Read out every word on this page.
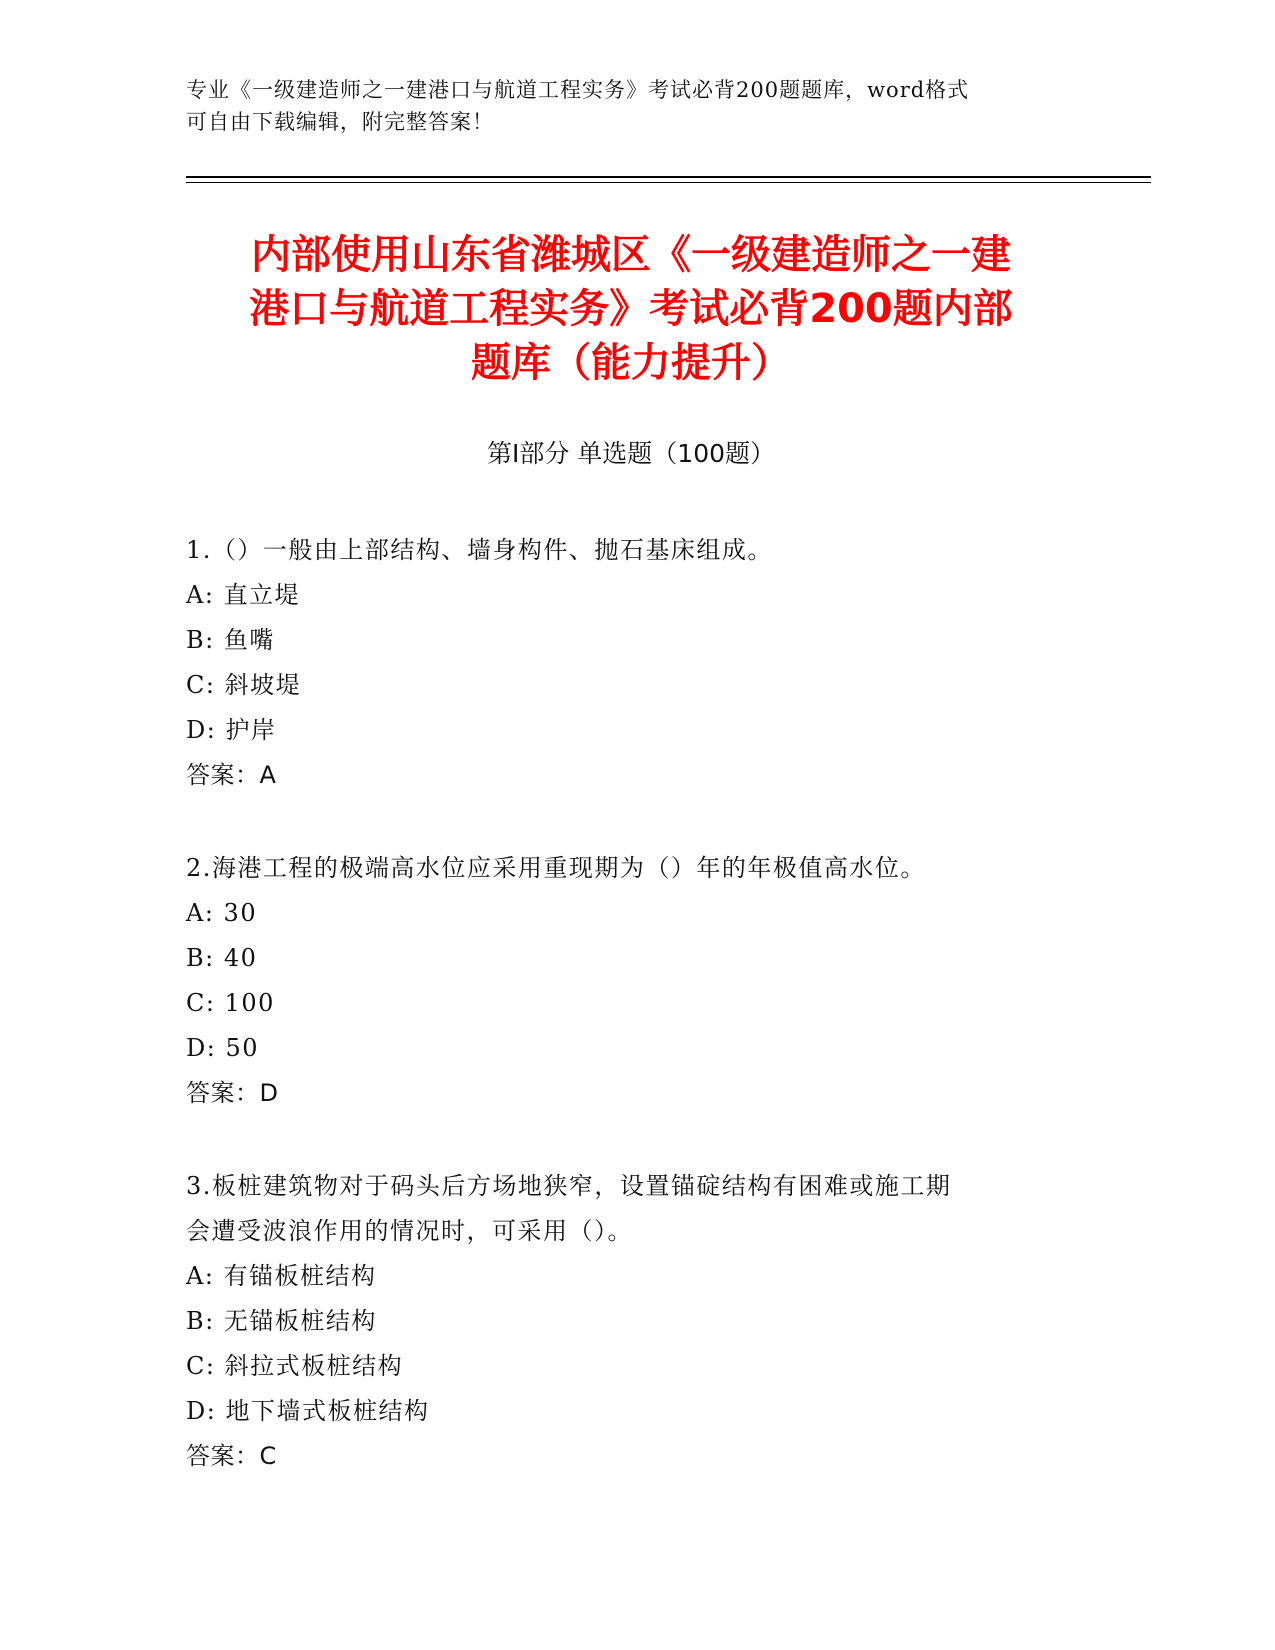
专业《一级建造师之一建港口与航道工程实务》考试必背200题题库，word格式
可自由下载编辑，附完整答案！
内部使用山东省潍城区《一级建造师之一建
港口与航道工程实务》考试必背200题内部
题库（能力提升）
第Ⅰ部分 单选题（100题）
1.（）一般由上部结构、墙身构件、抛石基床组成。
A: 直立堤
B: 鱼嘴
C: 斜坡堤
D: 护岸
答案：A
2.海港工程的极端高水位应采用重现期为（）年的年极值高水位。
A: 30
B: 40
C: 100
D: 50
答案：D
3.板桩建筑物对于码头后方场地狭窄，设置锚碇结构有困难或施工期
会遭受波浪作用的情况时，可采用（）。
A: 有锚板桩结构
B: 无锚板桩结构
C: 斜拉式板桩结构
D: 地下墙式板桩结构
答案：C
